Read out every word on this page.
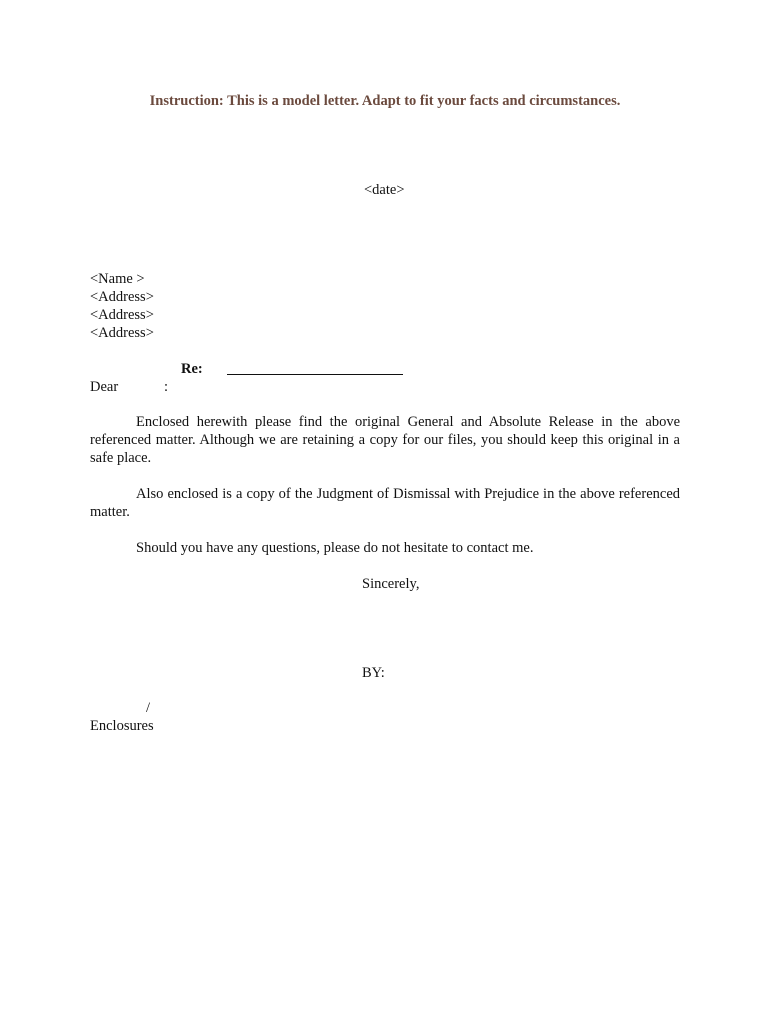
Instruction: This is a model letter. Adapt to fit your facts and circumstances.
<date>
<Name >
<Address>
<Address>
<Address>
Re:
Dear	:

Enclosed herewith please find the original General and Absolute Release in the above referenced matter. Although we are retaining a copy for our files, you should keep this original in a safe place.

Also enclosed is a copy of the Judgment of Dismissal with Prejudice in the above referenced matter.

Should you have any questions, please do not hesitate to contact me.

Sincerely,
BY:
/
Enclosures
